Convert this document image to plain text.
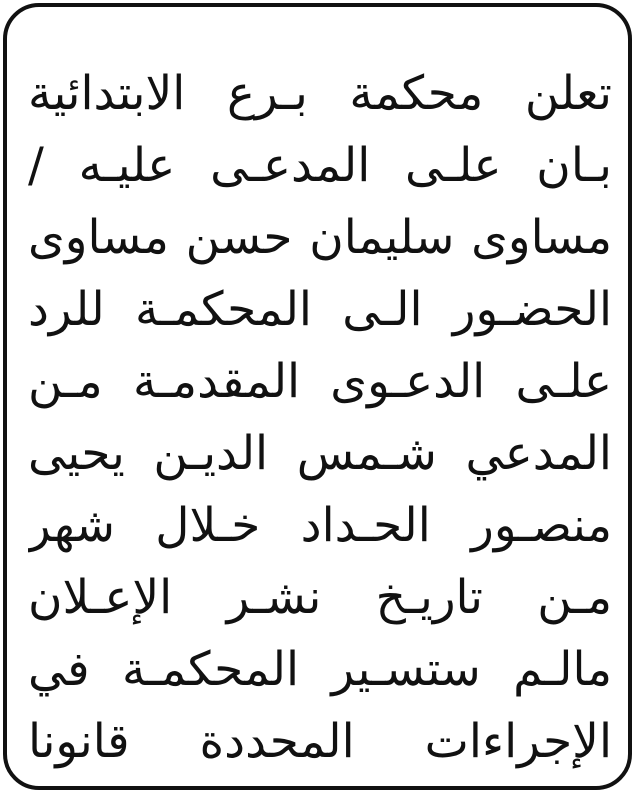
تعلن محكمة بـرع الابتدائية
بـان علـى المدعـى عليـه /
مساوى سليمان حسن مساوى
الحضـور الـى المحكمـة للرد
علـى الدعـوى المقدمـة مـن
المدعي شـمس الديـن يحيى
منصـور الحـداد خـلال شهر
مـن تاريـخ نشـر الإعـلان
مالـم ستسـير المحكمـة في
الإجراءات المحددة قانونا
